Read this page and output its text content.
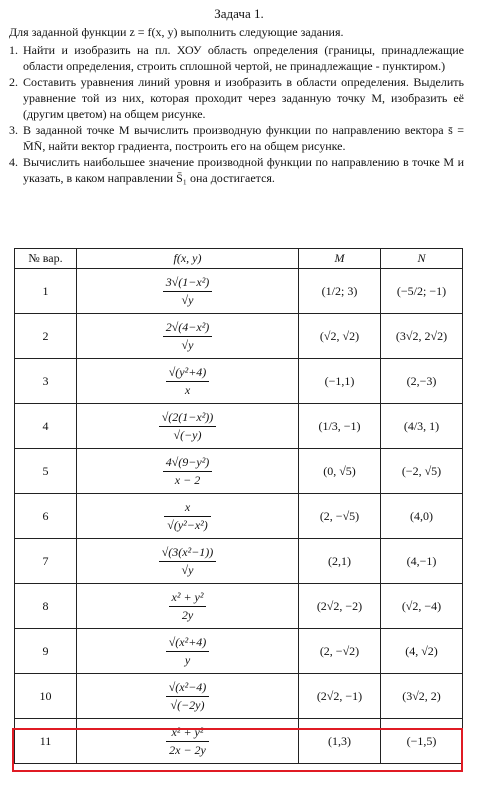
Задача 1.
Для заданной функции z = f(x, y) выполнить следующие задания.
1. Найти и изобразить на пл. ХОУ область определения (границы, принадлежащие области определения, строить сплошной чертой, не принадлежащие - пунктиром.)
2. Составить уравнения линий уровня и изобразить в области определения. Выделить уравнение той из них, которая проходит через заданную точку М, изобразить её (другим цветом) на общем рисунке.
3. В заданной точке М вычислить производную функции по направлению вектора s̄ = M̄N̄, найти вектор градиента, построить его на общем рисунке.
4. Вычислить наибольшее значение производной функции по направлению в точке М и указать, в каком направлении S̄₁ она достигается.
№ вар.	f(x, y)	M	N
1	$\frac{\text{3√(1−x²)}}{√y}$	(1/2; 3)	(−5/2; −1)
2	$\frac{\text{2√(4−x²)}}{√y}$	(√2, √2)	(3√2, 2√2)
3	$\frac{\text{√(y²+4)}}{x}$	(−1,1)	(2,−3)
4	$\frac{\text{√(2(1−x²))}}{√(-y)}$	(1/3, −1)	(4/3, 1)
5	$\frac{\text{4√(9−y²)}}{x - 2}$	(0, √5)	(−2, √5)
6	$\frac{x}{\text{√(y²−x²)}}$	(2, −√5)	(4,0)
7	$\frac{\text{√(3(x²−1))}}{√y}$	(2,1)	(4,−1)
8	$\frac{\text{x² + y²}}{2y}$	(2√2, −2)	(√2, −4)
9	$\frac{\text{√(x²+4)}}{y}$	(2, −√2)	(4, √2)
10	$\frac{\text{√(x²−4)}}{√(-2y)}$	(2√2, −1)	(3√2, 2)
11	$\frac{\text{x² + y²}}{2x - 2y}$	(1,3)	(−1,5)
